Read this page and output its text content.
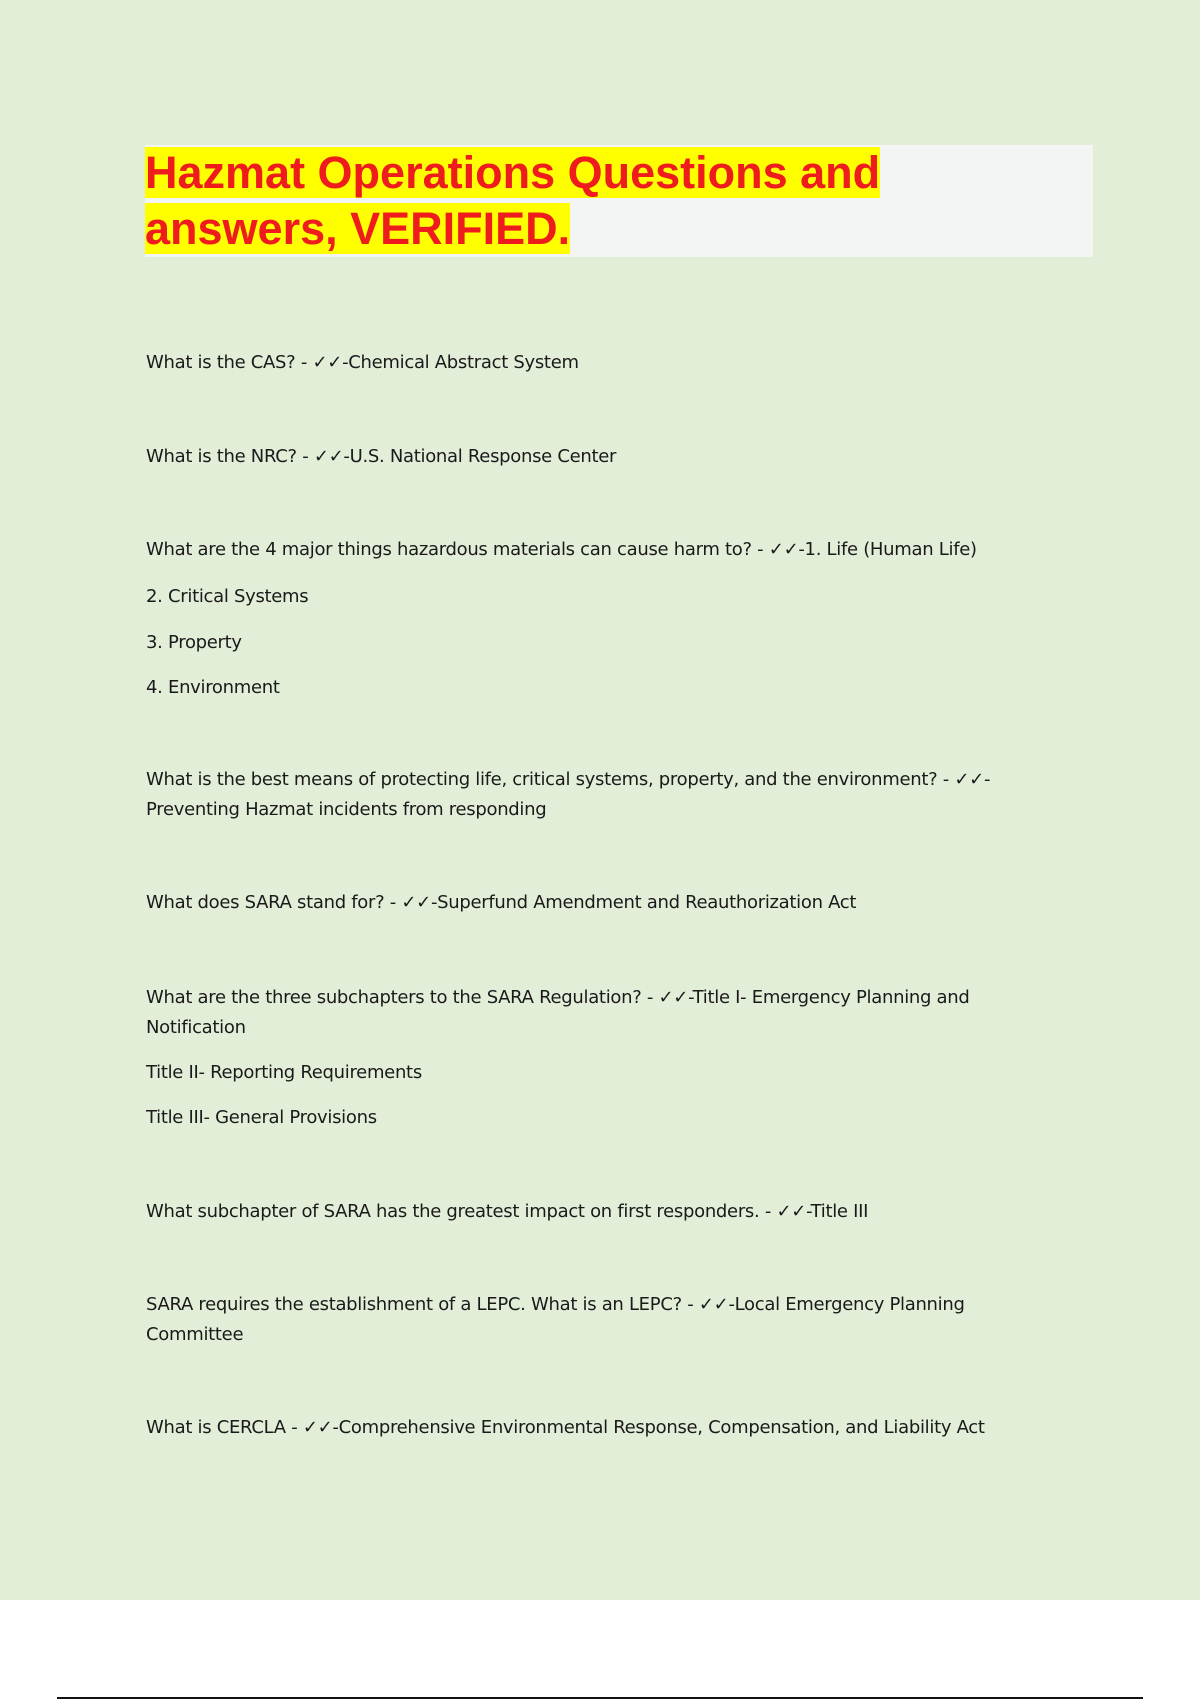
Hazmat Operations Questions and
answers, VERIFIED.

What is the CAS? - ✓✓-Chemical Abstract System

What is the NRC? - ✓✓-U.S. National Response Center

What are the 4 major things hazardous materials can cause harm to? - ✓✓-1. Life (Human Life)

2. Critical Systems

3. Property

4. Environment

What is the best means of protecting life, critical systems, property, and the environment? - ✓✓-Preventing Hazmat incidents from responding

What does SARA stand for? - ✓✓-Superfund Amendment and Reauthorization Act

What are the three subchapters to the SARA Regulation? - ✓✓-Title I- Emergency Planning and Notification

Title II- Reporting Requirements

Title III- General Provisions

What subchapter of SARA has the greatest impact on first responders. - ✓✓-Title III

SARA requires the establishment of a LEPC. What is an LEPC? - ✓✓-Local Emergency Planning Committee

What is CERCLA - ✓✓-Comprehensive Environmental Response, Compensation, and Liability Act
